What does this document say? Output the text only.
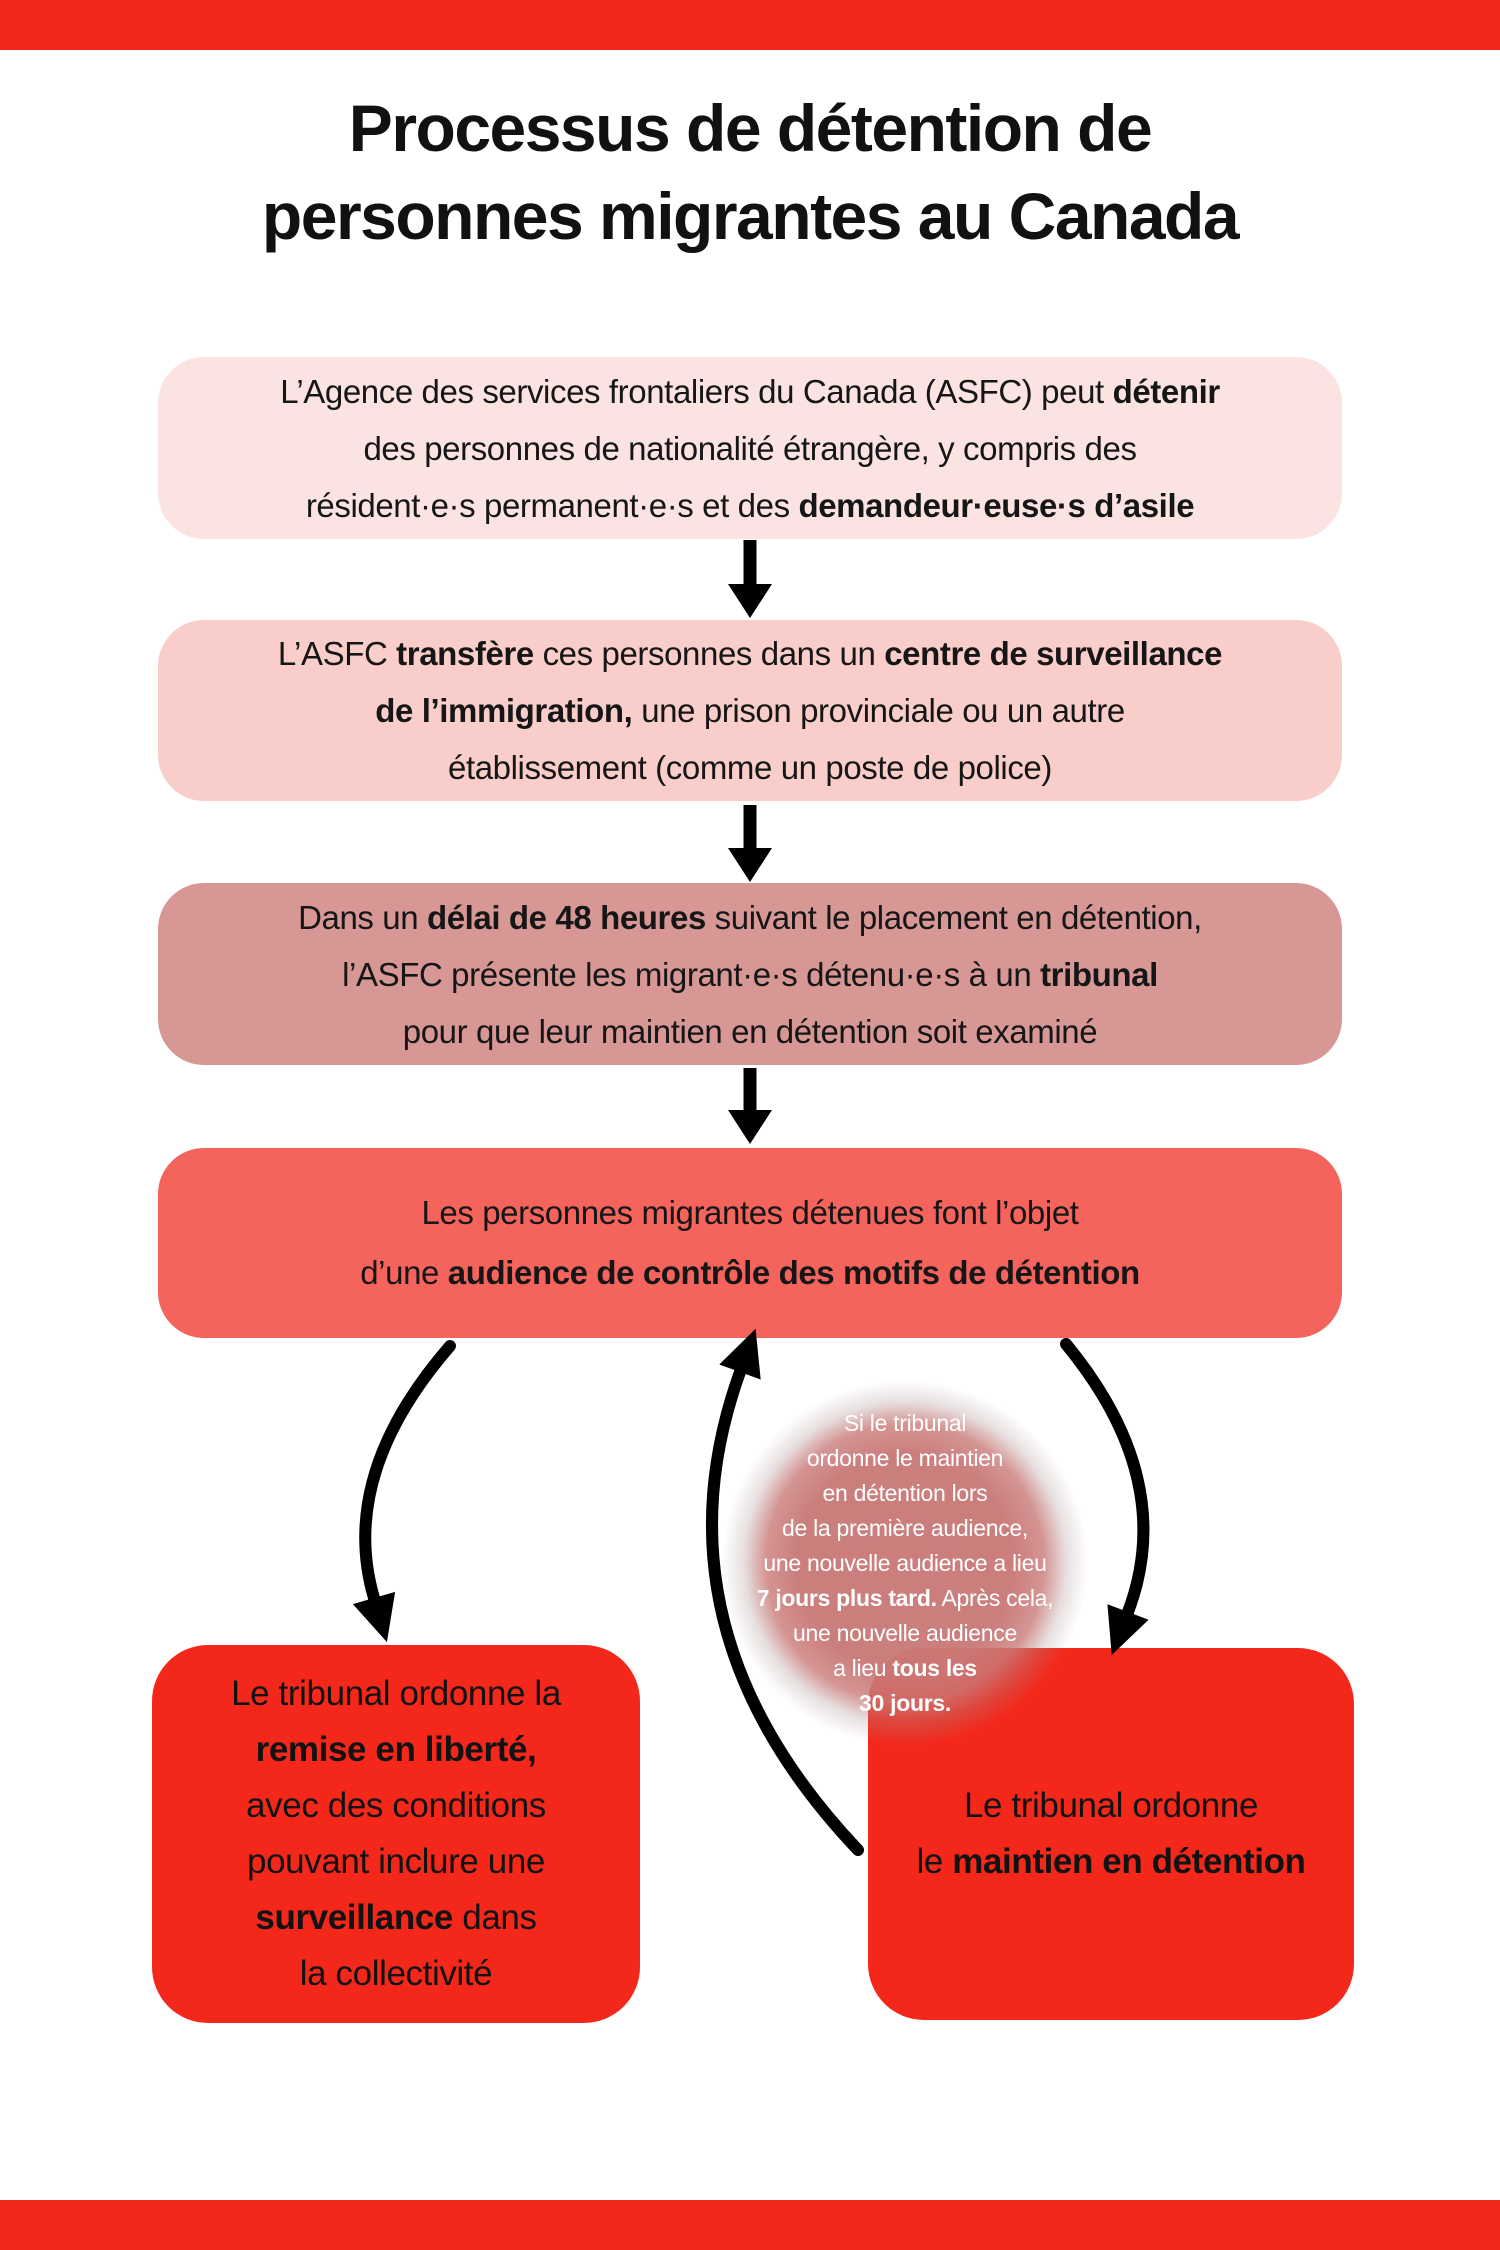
Processus de détention de
personnes migrantes au Canada
L’Agence des services frontaliers du Canada (ASFC) peut détenir
des personnes de nationalité étrangère, y compris des
résident·e·s permanent·e·s et des demandeur·euse·s d’asile
L’ASFC transfère ces personnes dans un centre de surveillance
de l’immigration, une prison provinciale ou un autre
établissement (comme un poste de police)
Dans un délai de 48 heures suivant le placement en détention,
l’ASFC présente les migrant·e·s détenu·e·s à un tribunal
pour que leur maintien en détention soit examiné
Les personnes migrantes détenues font l’objet
d’une audience de contrôle des motifs de détention
Le tribunal ordonne la
remise en liberté,
avec des conditions
pouvant inclure une
surveillance dans
la collectivité
Le tribunal ordonne
le maintien en détention
Si le tribunal
ordonne le maintien
en détention lors
de la première audience,
une nouvelle audience a lieu
7 jours plus tard. Après cela,
une nouvelle audience
a lieu tous les
30 jours.
